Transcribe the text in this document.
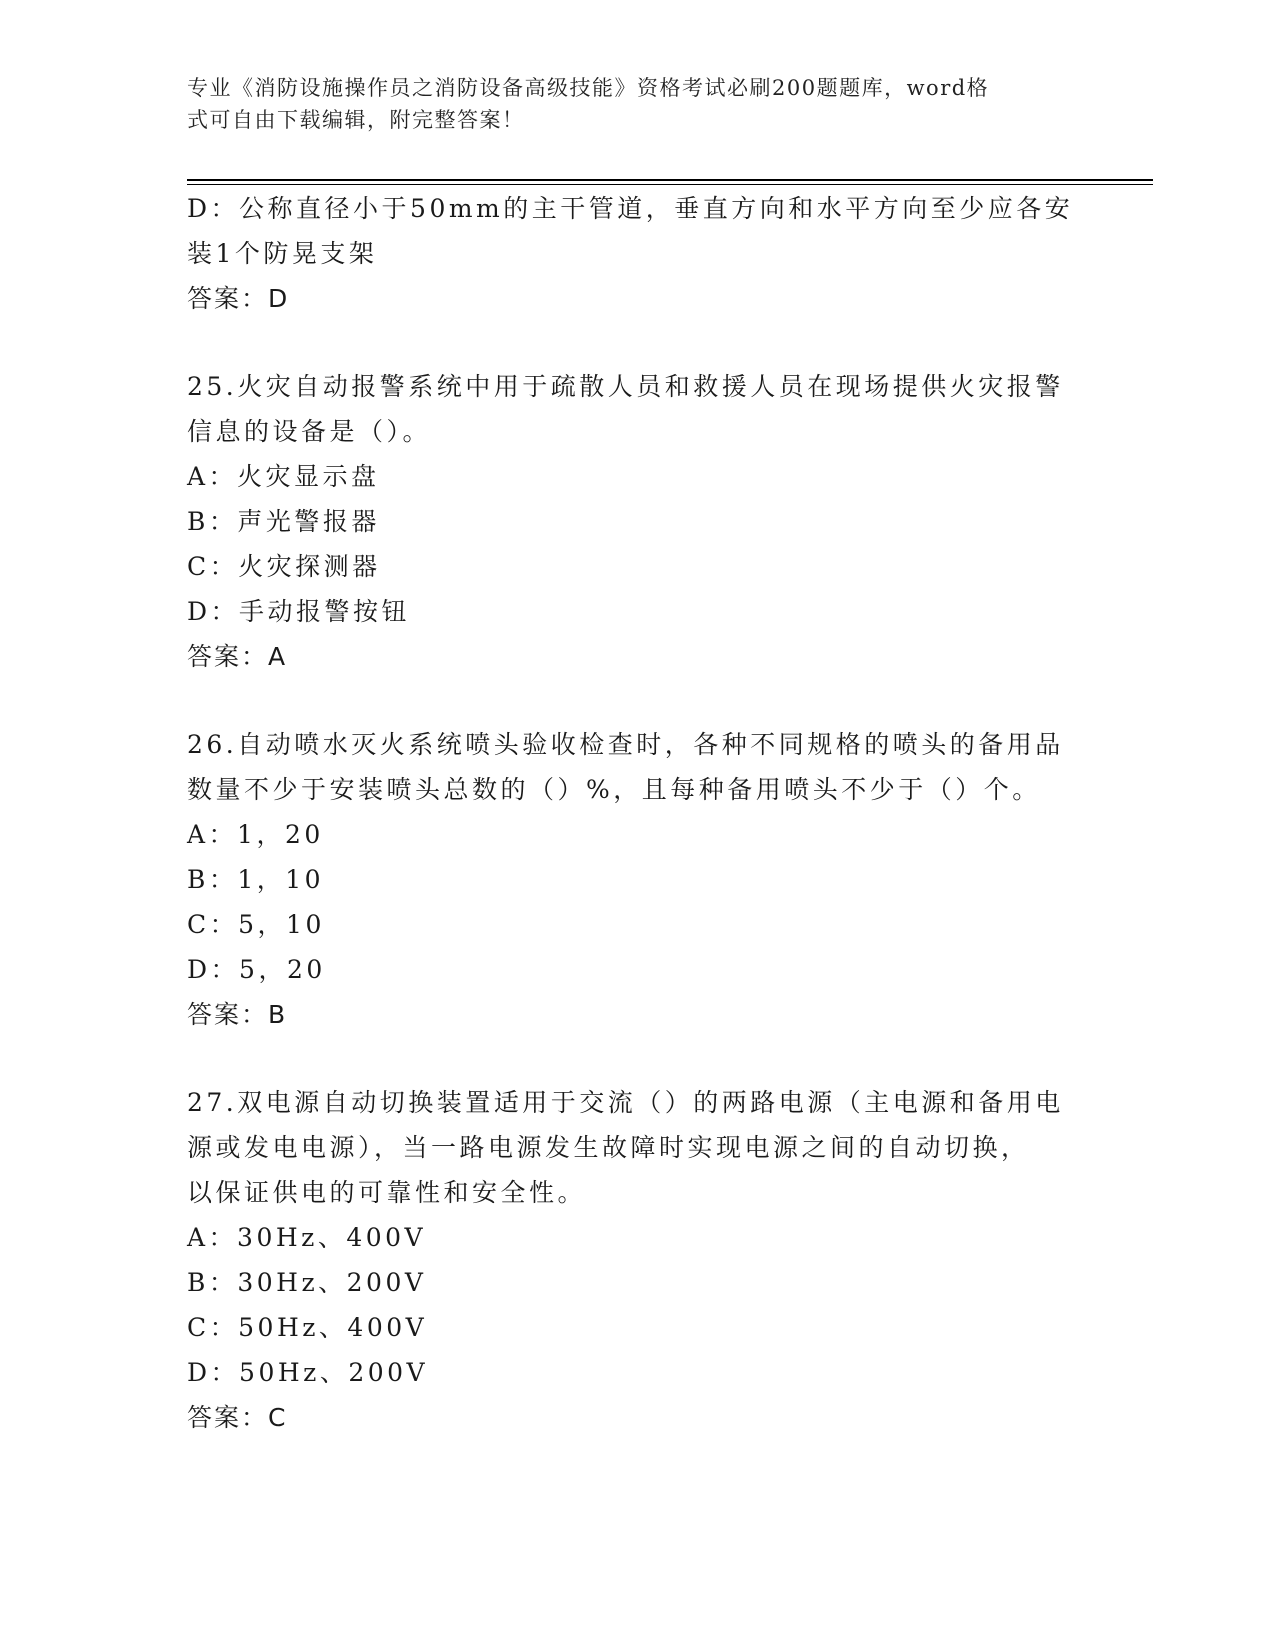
专业《消防设施操作员之消防设备高级技能》资格考试必刷200题题库，word格
式可自由下载编辑，附完整答案！
D：公称直径小于50mm的主干管道，垂直方向和水平方向至少应各安
装1个防晃支架
答案：D
25.火灾自动报警系统中用于疏散人员和救援人员在现场提供火灾报警
信息的设备是（）。
A：火灾显示盘
B：声光警报器
C：火灾探测器
D：手动报警按钮
答案：A
26.自动喷水灭火系统喷头验收检查时，各种不同规格的喷头的备用品
数量不少于安装喷头总数的（）%，且每种备用喷头不少于（）个。
A：1，20
B：1，10
C：5，10
D：5，20
答案：B
27.双电源自动切换装置适用于交流（）的两路电源（主电源和备用电
源或发电电源），当一路电源发生故障时实现电源之间的自动切换，
以保证供电的可靠性和安全性。
A：30Hz、400V
B：30Hz、200V
C：50Hz、400V
D：50Hz、200V
答案：C
